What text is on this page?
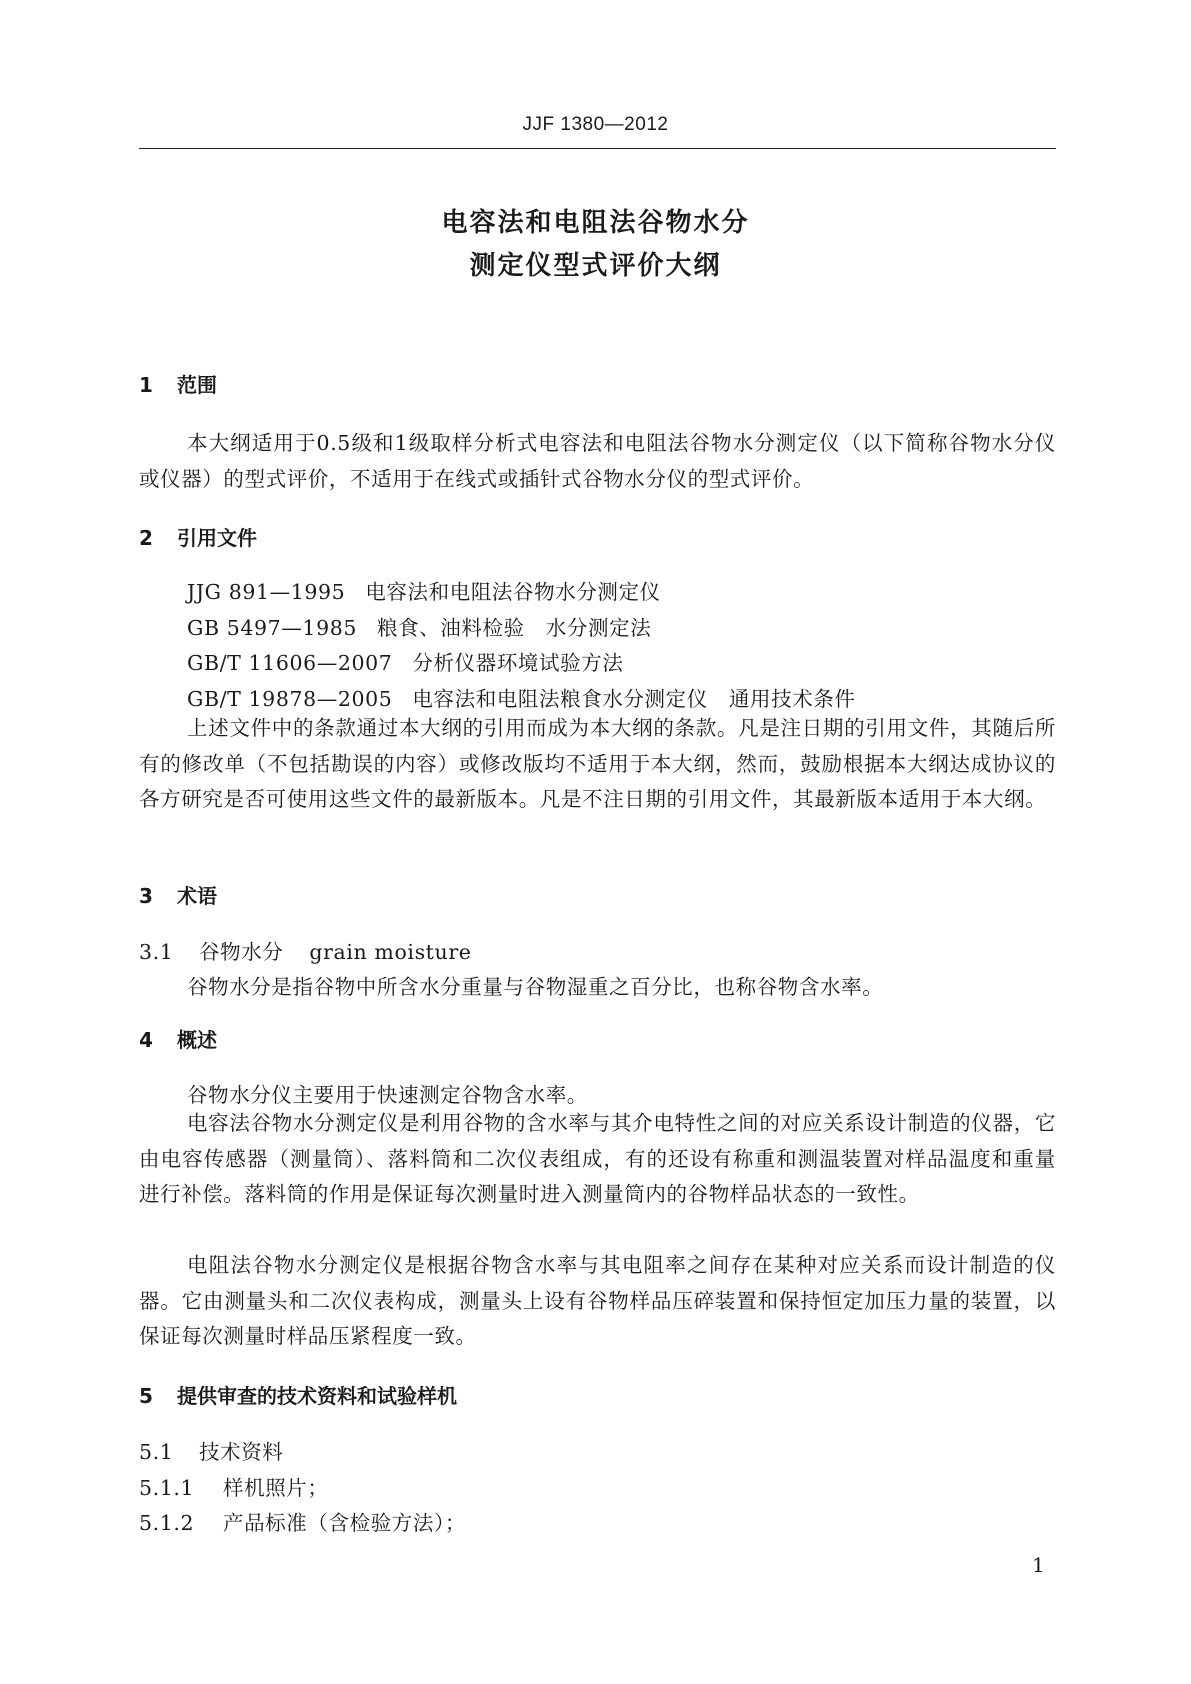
JJF 1380—2012
电容法和电阻法谷物水分
测定仪型式评价大纲
1 范围
本大纲适用于0.5级和1级取样分析式电容法和电阻法谷物水分测定仪（以下简称谷物水分仪或仪器）的型式评价，不适用于在线式或插针式谷物水分仪的型式评价。
2 引用文件
JJG 891—1995 电容法和电阻法谷物水分测定仪
GB 5497—1985 粮食、油料检验　水分测定法
GB/T 11606—2007 分析仪器环境试验方法
GB/T 19878—2005 电容法和电阻法粮食水分测定仪　通用技术条件
上述文件中的条款通过本大纲的引用而成为本大纲的条款。凡是注日期的引用文件，其随后所有的修改单（不包括勘误的内容）或修改版均不适用于本大纲，然而，鼓励根据本大纲达成协议的各方研究是否可使用这些文件的最新版本。凡是不注日期的引用文件，其最新版本适用于本大纲。
3 术语
3.1 谷物水分 grain moisture
谷物水分是指谷物中所含水分重量与谷物湿重之百分比，也称谷物含水率。
4 概述
谷物水分仪主要用于快速测定谷物含水率。
电容法谷物水分测定仪是利用谷物的含水率与其介电特性之间的对应关系设计制造的仪器，它由电容传感器（测量筒）、落料筒和二次仪表组成，有的还设有称重和测温装置对样品温度和重量进行补偿。落料筒的作用是保证每次测量时进入测量筒内的谷物样品状态的一致性。
电阻法谷物水分测定仪是根据谷物含水率与其电阻率之间存在某种对应关系而设计制造的仪器。它由测量头和二次仪表构成，测量头上设有谷物样品压碎装置和保持恒定加压力量的装置，以保证每次测量时样品压紧程度一致。
5 提供审查的技术资料和试验样机
5.1 技术资料
5.1.1 样机照片；
5.1.2 产品标准（含检验方法）；
1
